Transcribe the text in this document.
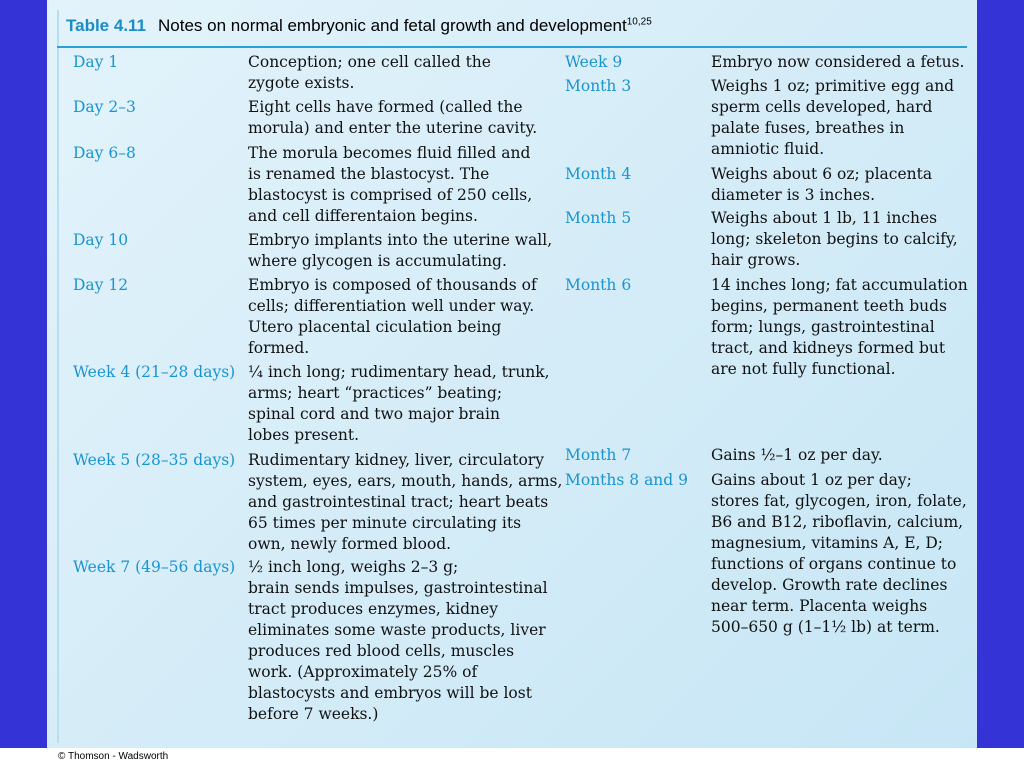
Table 4.11 Notes on normal embryonic and fetal growth and development$^{10,25}$
Day 1	Conception; one cell called the
zygote exists.
Day 2–3	Eight cells have formed (called the
morula) and enter the uterine cavity.
Day 6–8	The morula becomes fluid filled and
is renamed the blastocyst. The
blastocyst is comprised of 250 cells,
and cell differentaion begins.
Day 10	Embryo implants into the uterine wall,
where glycogen is accumulating.
Day 12	Embryo is composed of thousands of
cells; differentiation well under way.
Utero placental ciculation being
formed.
Week 4 (21–28 days) ¼ inch long; rudimentary head, trunk,
arms; heart “practices” beating;
spinal cord and two major brain
lobes present.
Week 5 (28–35 days) Rudimentary kidney, liver, circulatory
system, eyes, ears, mouth, hands, arms,
and gastrointestinal tract; heart beats
65 times per minute circulating its
own, newly formed blood.
Week 7 (49–56 days) ½ inch long, weighs 2–3 g;
brain sends impulses, gastrointestinal
tract produces enzymes, kidney
eliminates some waste products, liver
produces red blood cells, muscles
work. (Approximately 25% of
blastocysts and embryos will be lost
before 7 weeks.)
Week 9	Embryo now considered a fetus.
Month 3	Weighs 1 oz; primitive egg and
sperm cells developed, hard
palate fuses, breathes in
amniotic fluid.
Month 4	Weighs about 6 oz; placenta
diameter is 3 inches.
Month 5	Weighs about 1 lb, 11 inches
long; skeleton begins to calcify,
hair grows.
Month 6	14 inches long; fat accumulation
begins, permanent teeth buds
form; lungs, gastrointestinal
tract, and kidneys formed but
are not fully functional.
Month 7	Gains ½–1 oz per day.
Months 8 and 9 Gains about 1 oz per day;
stores fat, glycogen, iron, folate,
B6 and B12, riboflavin, calcium,
magnesium, vitamins A, E, D;
functions of organs continue to
develop. Growth rate declines
near term. Placenta weighs
500–650 g (1–1½ lb) at term.
© Thomson - Wadsworth
